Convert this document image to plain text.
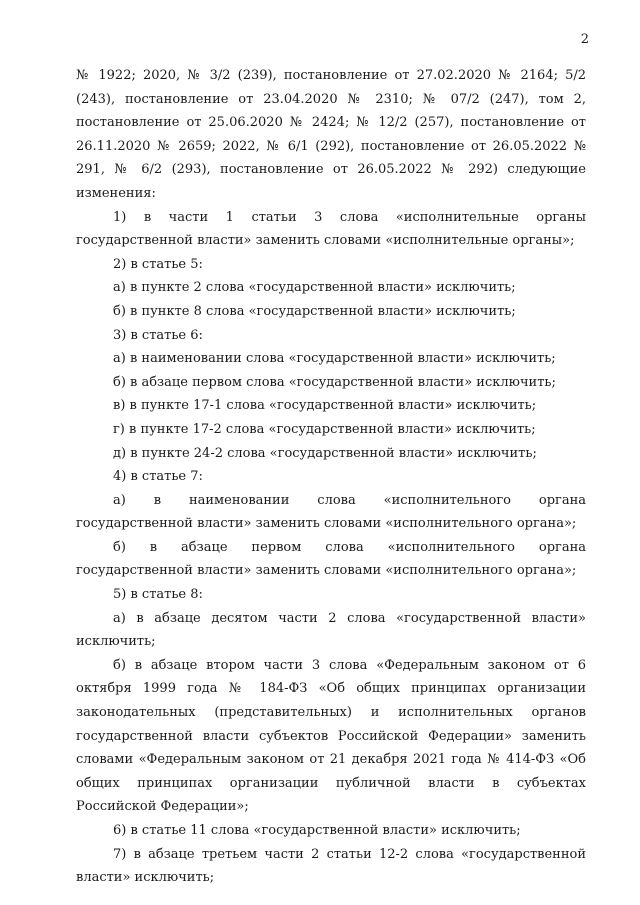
2

№ 1922; 2020, № 3/2 (239), постановление от 27.02.2020 № 2164; 5/2 (243), постановление от 23.04.2020 № 2310; № 07/2 (247), том 2, постановление от 25.06.2020 № 2424; № 12/2 (257), постановление от 26.11.2020 № 2659; 2022, № 6/1 (292), постановление от 26.05.2022 № 291, № 6/2 (293), постановление от 26.05.2022 № 292) следующие изменения:

1) в части 1 статьи 3 слова «исполнительные органы государственной власти» заменить словами «исполнительные органы»;

2) в статье 5:

а) в пункте 2 слова «государственной власти» исключить;

б) в пункте 8 слова «государственной власти» исключить;

3) в статье 6:

а) в наименовании слова «государственной власти» исключить;

б) в абзаце первом слова «государственной власти» исключить;

в) в пункте 17-1 слова «государственной власти» исключить;

г) в пункте 17-2 слова «государственной власти» исключить;

д) в пункте 24-2 слова «государственной власти» исключить;

4) в статье 7:

а) в наименовании слова «исполнительного органа государственной власти» заменить словами «исполнительного органа»;

б) в абзаце первом слова «исполнительного органа государственной власти» заменить словами «исполнительного органа»;

5) в статье 8:

а) в абзаце десятом части 2 слова «государственной власти» исключить;

б) в абзаце втором части 3 слова «Федеральным законом от 6 октября 1999 года № 184-ФЗ «Об общих принципах организации законодательных (представительных) и исполнительных органов государственной власти субъектов Российской Федерации» заменить словами «Федеральным законом от 21 декабря 2021 года № 414-ФЗ «Об общих принципах организации публичной власти в субъектах Российской Федерации»;

6) в статье 11 слова «государственной власти» исключить;

7) в абзаце третьем части 2 статьи 12-2 слова «государственной власти» исключить;
